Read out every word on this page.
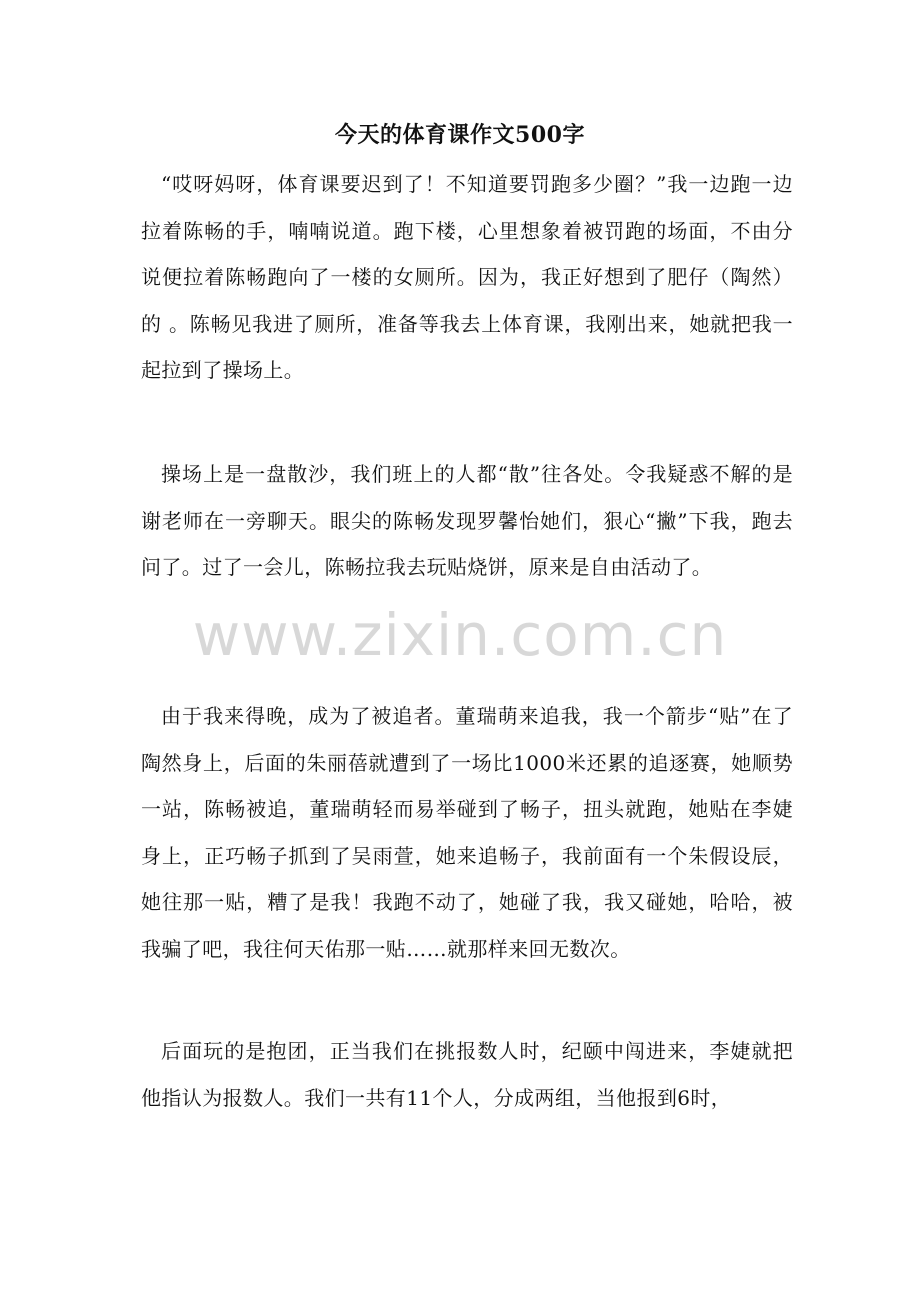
今天的体育课作文500字

“哎呀妈呀，体育课要迟到了！不知道要罚跑多少圈？”我一边跑一边拉着陈畅的手，喃喃说道。跑下楼，心里想象着被罚跑的场面，不由分说便拉着陈畅跑向了一楼的女厕所。因为，我正好想到了肥仔（陶然）的 。陈畅见我进了厕所，准备等我去上体育课，我刚出来，她就把我一起拉到了操场上。

操场上是一盘散沙，我们班上的人都“散”往各处。令我疑惑不解的是谢老师在一旁聊天。眼尖的陈畅发现罗馨怡她们，狠心“撇”下我，跑去问了。过了一会儿，陈畅拉我去玩贴烧饼，原来是自由活动了。

由于我来得晚，成为了被追者。董瑞萌来追我，我一个箭步“贴”在了陶然身上，后面的朱丽蓓就遭到了一场比1000米还累的追逐赛，她顺势一站，陈畅被追，董瑞萌轻而易举碰到了畅子，扭头就跑，她贴在李婕身上，正巧畅子抓到了吴雨萱，她来追畅子，我前面有一个朱假设辰，她往那一贴，糟了是我！我跑不动了，她碰了我，我又碰她，哈哈，被我骗了吧，我往何天佑那一贴……就那样来回无数次。

后面玩的是抱团，正当我们在挑报数人时，纪颐中闯进来，李婕就把他指认为报数人。我们一共有11个人，分成两组，当他报到6时，

www.zixin.com.cn
